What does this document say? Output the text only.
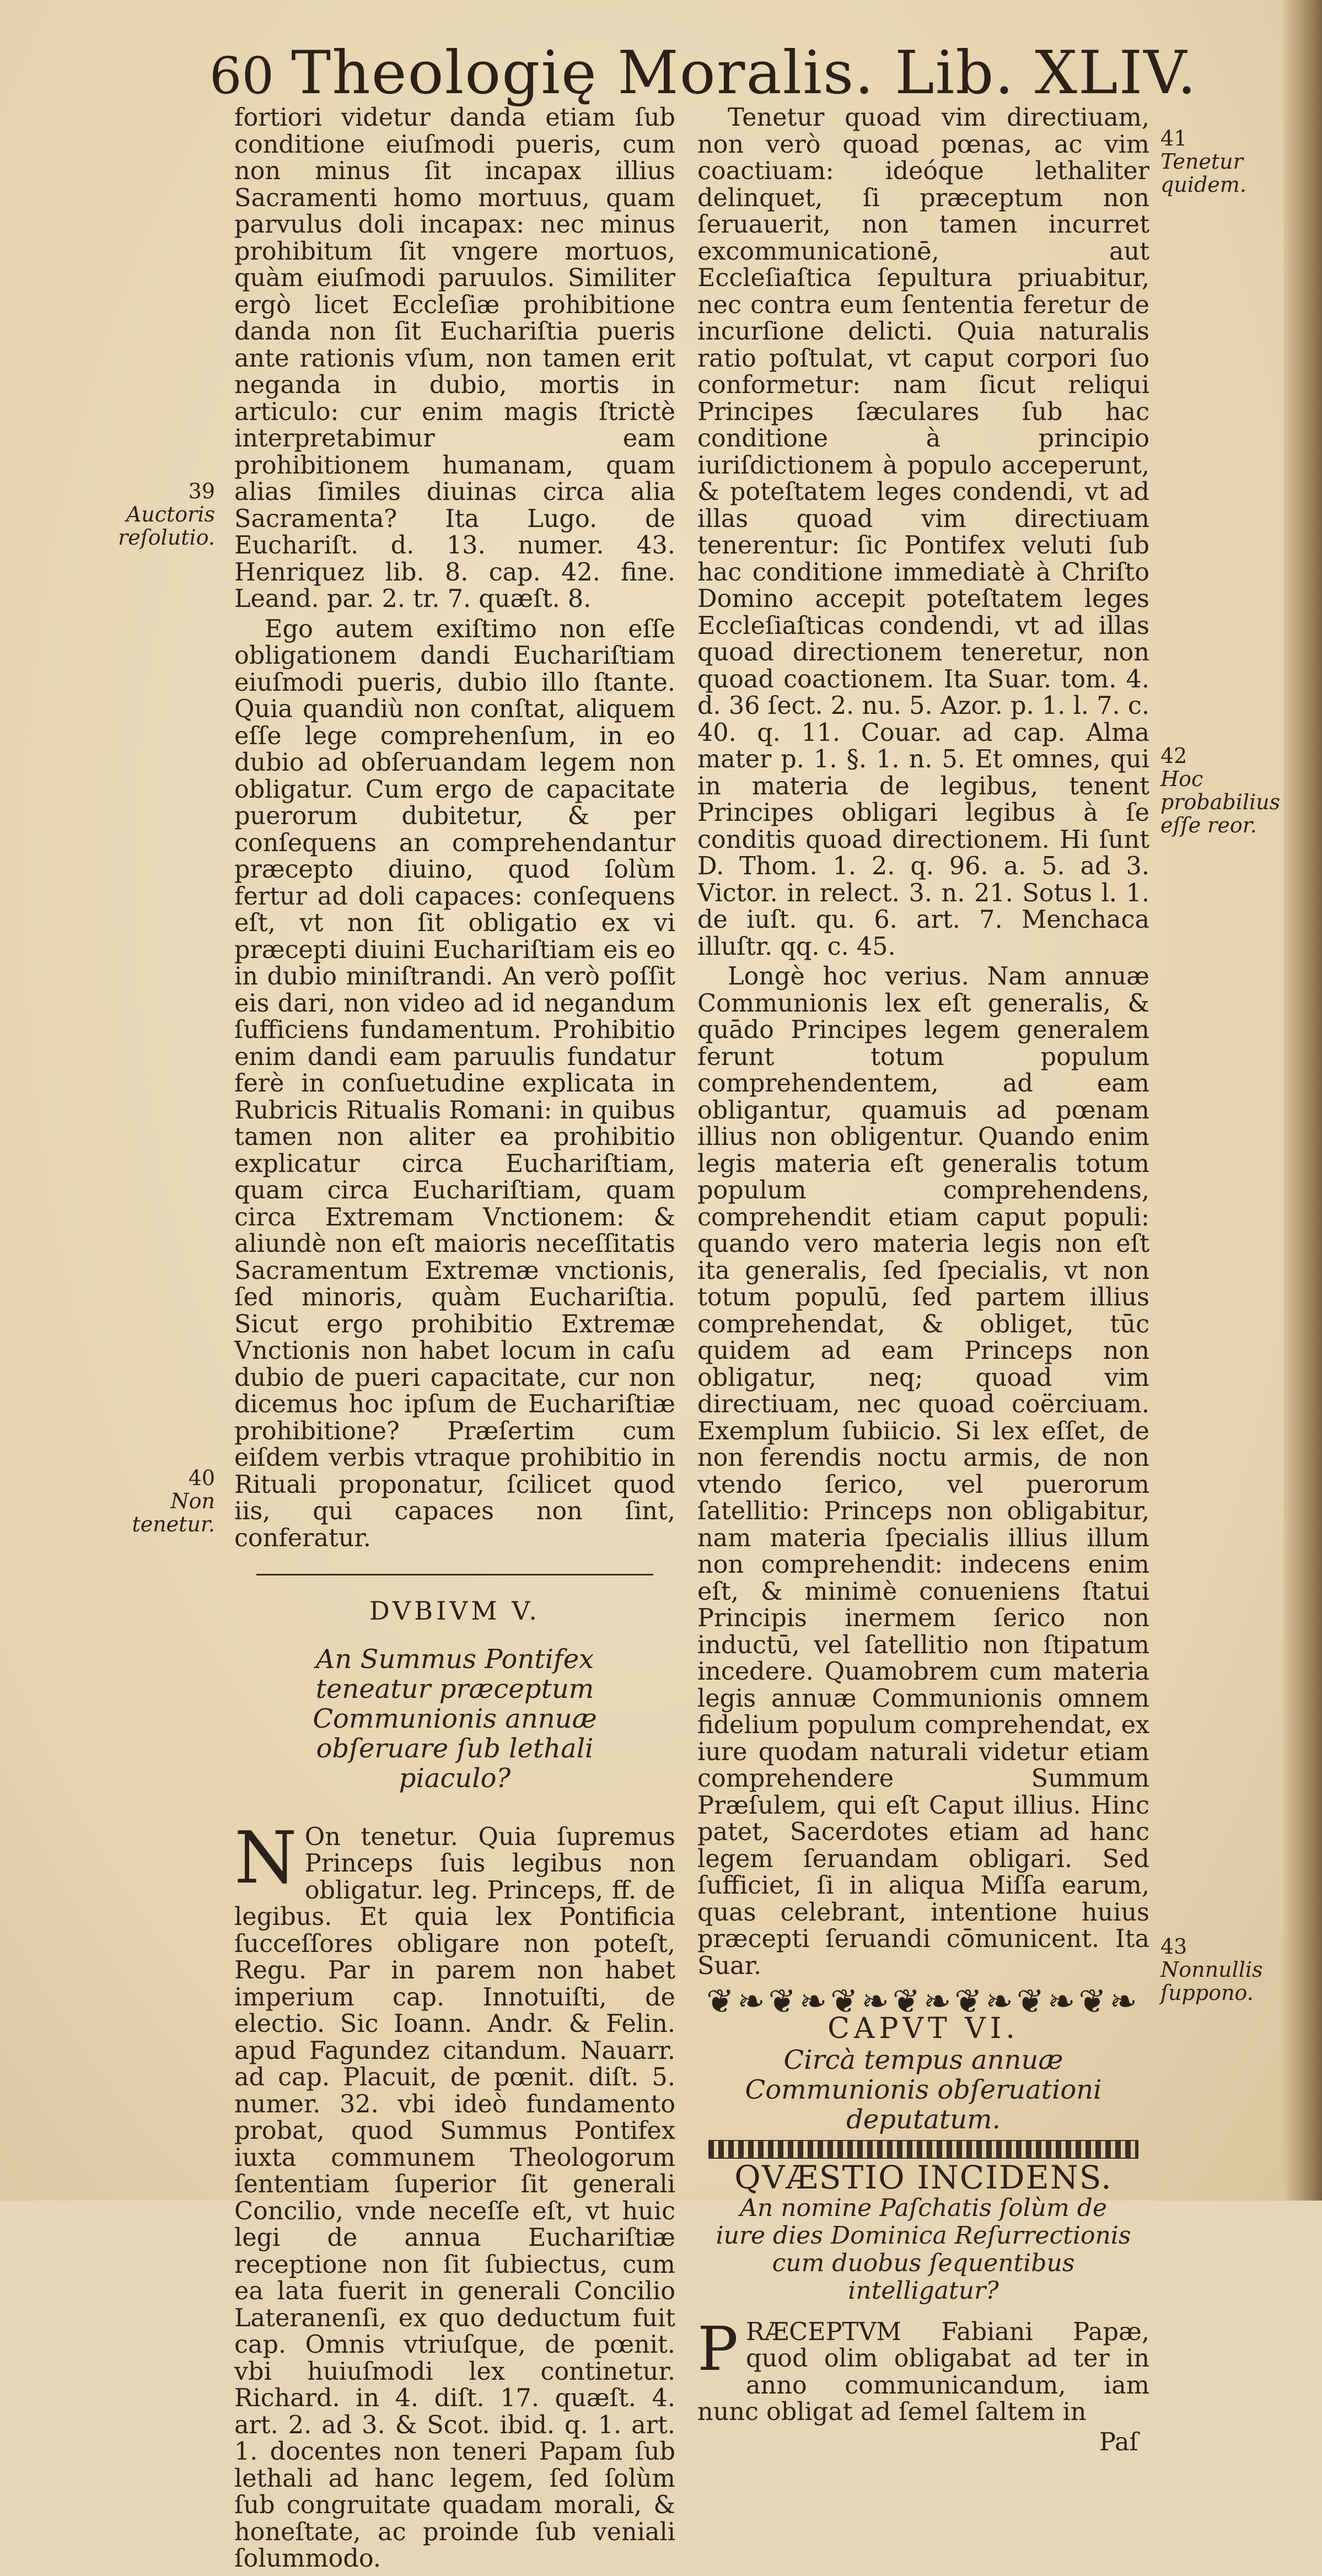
60 Theologię Moralis. Lib. XLIV.

fortiori videtur danda etiam ſub conditione eiuſmodi pueris, cum non minus ſit incapax illius Sacramenti homo mortuus, quam parvulus doli incapax: nec minus prohibitum ſit vngere mortuos, quàm eiuſmodi paruulos. Similiter ergò licet Eccleſiæ prohibitione danda non ſit Euchariſtia pueris ante rationis vſum, non tamen erit neganda in dubio, mortis in articulo: cur enim magis ſtrictè interpretabimur eam prohibitionem humanam, quam alias ſimiles diuinas circa alia Sacramenta? Ita Lugo. de Euchariſt. d. 13. numer. 43. Henriquez lib. 8. cap. 42. fine. Leand. par. 2. tr. 7. quæſt. 8.

Ego autem exiſtimo non eſſe obligationem dandi Euchariſtiam eiuſmodi pueris, dubio illo ſtante. Quia quandiù non conſtat, aliquem eſſe lege comprehenſum, in eo dubio ad obſeruandam legem non obligatur. Cum ergo de capacitate puerorum dubitetur, & per conſequens an comprehendantur præcepto diuino, quod ſolùm fertur ad doli capaces: conſequens eſt, vt non ſit obligatio ex vi præcepti diuini Euchariſtiam eis eo in dubio miniſtrandi. An verò poſſit eis dari, non video ad id negandum ſufficiens fundamentum. Prohibitio enim dandi eam paruulis fundatur ferè in conſuetudine explicata in Rubricis Ritualis Romani: in quibus tamen non aliter ea prohibitio explicatur circa Euchariſtiam, quam circa Euchariſtiam, quam circa Extremam Vnctionem: & aliundè non eſt maioris neceſſitatis Sacramentum Extremæ vnctionis, ſed minoris, quàm Euchariſtia. Sicut ergo prohibitio Extremæ Vnctionis non habet locum in caſu dubio de pueri capacitate, cur non dicemus hoc ipſum de Euchariſtiæ prohibitione? Præſertim cum eiſdem verbis vtraque prohibitio in Rituali proponatur, ſcilicet quod iis, qui capaces non ſint, conferatur.

DVBIVM V.

An Summus Pontifex teneatur præceptum Communionis annuæ obſeruare ſub lethali piaculo?

N On tenetur. Quia ſupremus Princeps ſuis legibus non obligatur. leg. Princeps, ff. de legibus. Et quia lex Pontificia ſucceſſores obligare non poteſt, Regu. Par in parem non habet imperium cap. Innotuiſti, de electio. Sic Ioann. Andr. & Felin. apud Fagundez citandum. Nauarr. ad cap. Placuit, de pœnit. diſt. 5. numer. 32. vbi ideò fundamento probat, quod Summus Pontifex iuxta communem Theologorum ſententiam ſuperior ſit generali Concilio, vnde neceſſe eſt, vt huic legi de annua Euchariſtiæ receptione non ſit ſubiectus, cum ea lata fuerit in generali Concilio Lateranenſi, ex quo deductum fuit cap. Omnis vtriuſque, de pœnit. vbi huiuſmodi lex continetur. Richard. in 4. diſt. 17. quæſt. 4. art. 2. ad 3. & Scot. ibid. q. 1. art. 1. docentes non teneri Papam ſub lethali ad hanc legem, ſed ſolùm ſub congruitate quadam morali, & honeſtate, ac proinde ſub veniali ſolummodo.

Tenetur quoad vim directiuam, non verò quoad pœnas, ac vim coactiuam: ideóque lethaliter delinquet, ſi præceptum non ſeruauerit, non tamen incurret excommunicationē, aut Eccleſiaſtica ſepultura priuabitur, nec contra eum ſententia feretur de incurſione delicti. Quia naturalis ratio poſtulat, vt caput corpori ſuo conformetur: nam ſicut reliqui Principes ſæculares ſub hac conditione à principio iuriſdictionem à populo acceperunt, & poteſtatem leges condendi, vt ad illas quoad vim directiuam tenerentur: ſic Pontifex veluti ſub hac conditione immediatè à Chriſto Domino accepit poteſtatem leges Eccleſiaſticas condendi, vt ad illas quoad directionem teneretur, non quoad coactionem. Ita Suar. tom. 4. d. 36 ſect. 2. nu. 5. Azor. p. 1. l. 7. c. 40. q. 11. Couar. ad cap. Alma mater p. 1. §. 1. n. 5. Et omnes, qui in materia de legibus, tenent Principes obligari legibus à ſe conditis quoad directionem. Hi ſunt D. Thom. 1. 2. q. 96. a. 5. ad 3. Victor. in relect. 3. n. 21. Sotus l. 1. de iuſt. qu. 6. art. 7. Menchaca illuſtr. qq. c. 45.

Longè hoc verius. Nam annuæ Communionis lex eſt generalis, & quādo Principes legem generalem ferunt totum populum comprehendentem, ad eam obligantur, quamuis ad pœnam illius non obligentur. Quando enim legis materia eſt generalis totum populum comprehendens, comprehendit etiam caput populi: quando vero materia legis non eſt ita generalis, ſed ſpecialis, vt non totum populū, ſed partem illius comprehendat, & obliget, tūc quidem ad eam Princeps non obligatur, neq; quoad vim directiuam, nec quoad coërciuam. Exemplum ſubiicio. Si lex eſſet, de non ferendis noctu armis, de non vtendo ſerico, vel puerorum ſatellitio: Princeps non obligabitur, nam materia ſpecialis illius illum non comprehendit: indecens enim eſt, & minimè conueniens ſtatui Principis inermem ſerico non inductū, vel ſatellitio non ſtipatum incedere. Quamobrem cum materia legis annuæ Communionis omnem fidelium populum comprehendat, ex iure quodam naturali videtur etiam comprehendere Summum Præſulem, qui eſt Caput illius. Hinc patet, Sacerdotes etiam ad hanc legem ſeruandam obligari. Sed ſufficiet, ſi in aliqua Miſſa earum, quas celebrant, intentione huius præcepti ſeruandi cōmunicent. Ita Suar.

❦❧❦❧❦❧❦❧❦❧❦❧❦❧

CAPVT VI.

Circà tempus annuæ Communionis obſeruationi deputatum.

QVÆSTIO INCIDENS.

An nomine Paſchatis ſolùm de iure dies Dominica Reſurrectionis cum duobus ſequentibus intelligatur?

PRÆCEPTVM Fabiani Papæ, quod olim obligabat ad ter in anno communicandum, iam nunc obligat ad ſemel ſaltem in

Paſ

39
Auctoris reſolutio.
40
Non tenetur.
41
Tenetur quidem.
42
Hoc probabilius eſſe reor.
43
Nonnullis ſuppono.
